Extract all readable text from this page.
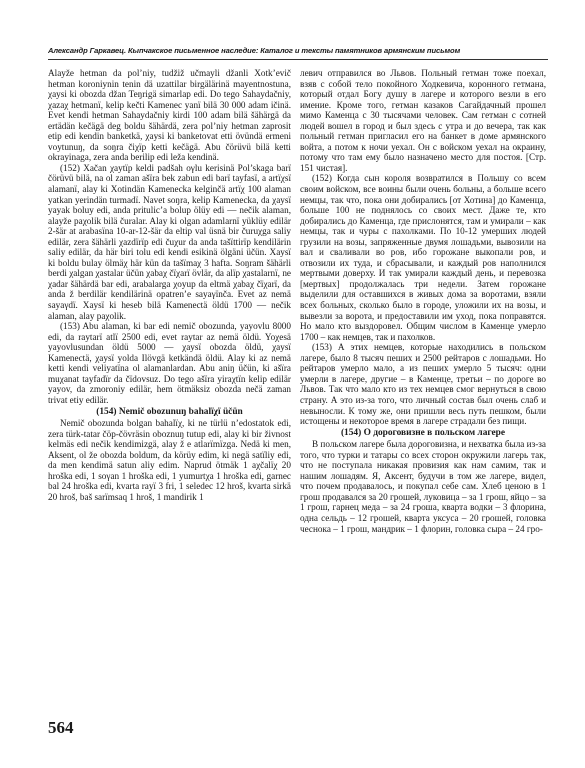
Александр Гаркавец. Кыпчакское письменное наследие: Каталог и тексты памятников армянским письмом

Alayže hetman da pol’niy, tudžiž učmayli džanli Xotk’evič hetman koroniynin tenin dä uzattilar birgälärinä mayentnostuna, χaysi ki obozda džan Teŋrigä simarlap edi. Do tego Sahaydačniy, χazaχ hetmanï, kelip kečti Kamenec yanï bilä 30 000 adam ičinä. Evet kendi hetman Sahaydačniy kirdi 100 adam bilä šähärgä da ertädän kečägä deg boldu šähärdä, zera pol’niy hetman zaprosit etip edi kendin banketkä, χaysi ki banketovat etti övündä ermeni voytunuŋ, da soŋra čiχïp ketti kečägä. Abu čörüvü bilä ketti okrayinaga, zera anda berilip edi leža kendinä.

(152) Xačan χaytïp keldi padšah oγlu kerisinä Pol’skaga barï čörüvü bilä, na ol zaman ašïra bek zabun edi barï tayfasï, a artïχsï alamanï, alay ki Xotindän Kamenecka kelginčä artïχ 100 alaman yatkan yerindän turmadï. Navet soŋra, kelip Kamenecka, da χaysï yayak boluy edi, anda pritulic’a bolup ölüy edi — nečik alaman, alayže paχolik bilä čuralar. Alay ki olgan adamlarnï yüklüy edilär 2-šär at arabasïna 10-ar-12-šär da eltip val üsnä bir čuruχga saliy edilär, zera šähärli χazdïrïp edi čuχur da anda tašïttirïp kendilärin saliy edilär, da här biri tolu edi kendi esikinä ölgäni üčün. Xaysï ki boldu bulay ölmäχ här kün da tašïmaχ 3 hafta. Soŋram šähärli berdi χalgan χastalar üčün χabaχ čïχarï övlär, da alïp χastalarnï, ne χadar šähärdä bar edi, arabalarga χoyup da eltmä χabaχ čïχarï, da anda ž berdilär kendilärinä opatren’e sayaγïnča. Evet az nemä sayaγdï. Xaysï ki heseb bilä Kamenectä öldü 1700 — nečik alaman, alay paχolik.

(153) Abu alaman, ki bar edi nemič obozunda, yayovlu 8000 edi, da raytarï atlï 2500 edi, evet raytar az nemä öldü. Yoχesä yayovlusundan öldü 5000 — χaysï obozda öldü, χaysï Kamenectä, χaysï yolda Ilövgä ketkändä öldü. Alay ki az nemä ketti kendi veliyatïna ol alamanlardan. Abu aniŋ üčün, ki ašïra muχanat tayfadïr da čïdovsuz. Do tego ašïra yiraχtïn kelip edilär yayov, da zmoroniy edilär, hem ötmäksiz obozda nečä zaman trivat etiy edilär.

(154) Nemič obozunuŋ bahalïχï üčün

Nemič obozunda bolgan bahalïχ, ki ne türlü n’edostatok edi, zera türk-tatar čöp-čövräsin oboznuŋ tutup edi, alay ki bir živnost kelmäs edi nečik kendimizgä, alay ž e atlarïmïzga. Nedä ki men, Aksent, ol že obozda boldum, da körüy edim, ki negä satïliy edi, da men kendimä satun aliy edim. Naprud ötmäk 1 aχčalïχ 20 hroška edi, 1 soγan 1 hroška edi, 1 yumurtχa 1 hroška edi, garnec bal 24 hroška edi, kvarta rayï 3 fri, 1 seledec 12 hroš, kvarta sirkä 20 hroš, baš sarïmsaq 1 hroš, 1 mandirik 1

левич отправился во Львов. Польный гетман тоже поехал, взяв с собой тело покойного Ходкевича, коронного гетмана, который отдал Богу душу в лагере и которого везли в его имение. Кроме того, гетман казаков Сагайдачный прошел мимо Каменца с 30 тысячами человек. Сам гетман с сотней людей вошел в город и был здесь с утра и до вечера, так как польный гетман пригласил его на банкет в доме армянского войта, а потом к ночи уехал. Он с войском уехал на окраину, потому что там ему было назначено место для постоя. [Стр. 151 чистая].

(152) Когда сын короля возвратился в Польшу со всем своим войском, все воины были очень больны, а больше всего немцы, так что, пока они добирались [от Хотина] до Каменца, больше 100 не поднялось со своих мест. Даже те, кто добирались до Каменца, где прислонятся, там и умирали – как немцы, так и чуры с пахолками. По 10-12 умерших людей грузили на возы, запряженные двумя лошадьми, вывозили на вал и сваливали во ров, ибо горожане выкопали ров, и отвозили их туда, и сбрасывали, и каждый ров наполнился мертвыми доверху. И так умирали каждый день, и перевозка [мертвых] продолжалась три недели. Затем горожане выделили для оставшихся в живых дома за воротами, взяли всех больных, сколько было в городе, уложили их на возы, и вывезли за ворота, и предоставили им уход, пока поправятся. Но мало кто выздоровел. Общим числом в Каменце умерло 1700 – как немцев, так и пахолков.

(153) А этих немцев, которые находились в польском лагере, было 8 тысяч пеших и 2500 рейтаров с лошадьми. Но рейтаров умерло мало, а из пеших умерло 5 тысяч: одни умерли в лагере, другие – в Каменце, третьи – по дороге во Львов. Так что мало кто из тех немцев смог вернуться в свою страну. А это из-за того, что личный состав был очень слаб и невыносли. К тому же, они пришли весь путь пешком, были истощены и некоторое время в лагере страдали без пищи.

(154) О дороговизне в польском лагере

В польском лагере была дороговизна, и нехватка была из-за того, что турки и татары со всех сторон окружили лагерь так, что не поступала никакая провизия как нам самим, так и нашим лошадям. Я, Аксент, будучи в том же лагере, видел, что почем продавалось, и покупал себе сам. Хлеб ценою в 1 грош продавался за 20 грошей, луковица – за 1 грош, яйцо – за 1 грош, гарнец меда – за 24 гроша, кварта водки – 3 флорина, одна сельдь – 12 грошей, кварта уксуса – 20 грошей, головка чеснока – 1 грош, мандрик – 1 флорин, головка сыра – 24 гро-

564
